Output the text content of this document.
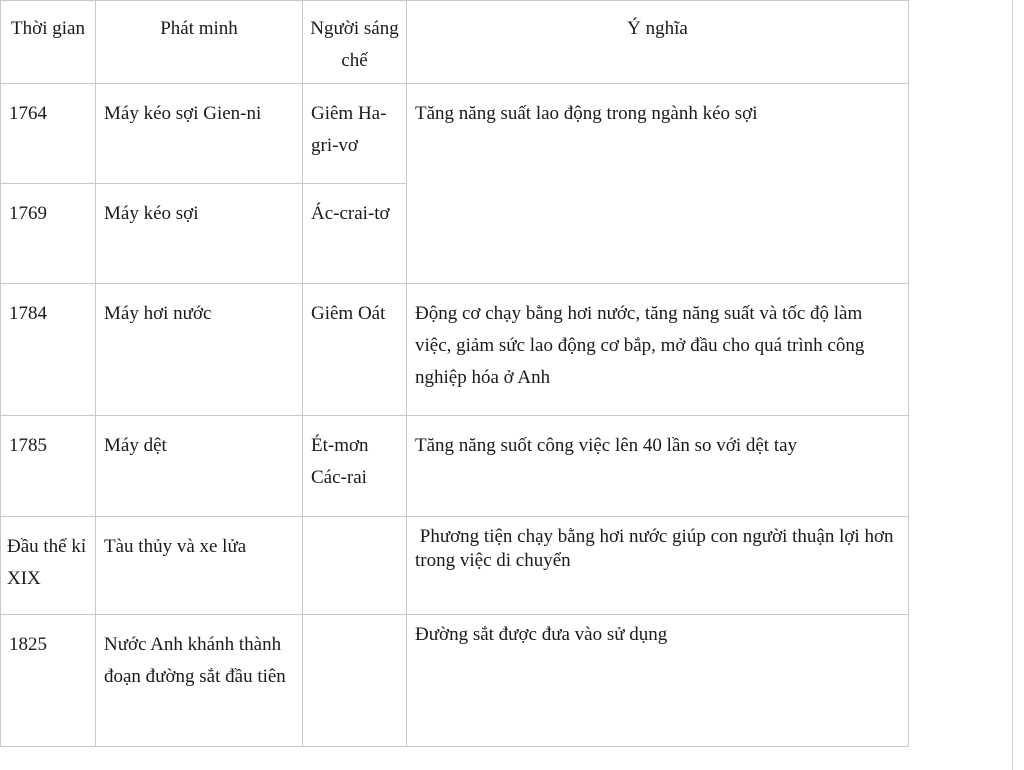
Thời gian	Phát minh	Người sáng chế	Ý nghĩa
1764	Máy kéo sợi Gien-ni	Giêm Ha-gri-vơ	Tăng năng suất lao động trong ngành kéo sợi
1769	Máy kéo sợi	Ác-crai-tơ	
1784	Máy hơi nước	Giêm Oát	Động cơ chạy bằng hơi nước, tăng năng suất và tốc độ làm việc, giảm sức lao động cơ bắp, mở đầu cho quá trình công nghiệp hóa ở Anh
1785	Máy dệt	Ét-mơn Các-rai	Tăng năng suốt công việc lên 40 lần so với dệt tay
Đầu thế kỉ XIX	Tàu thủy và xe lửa		Phương tiện chạy bằng hơi nước giúp con người thuận lợi hơn trong việc di chuyển
1825	Nước Anh khánh thành đoạn đường sắt đầu tiên		Đường sắt được đưa vào sử dụng
